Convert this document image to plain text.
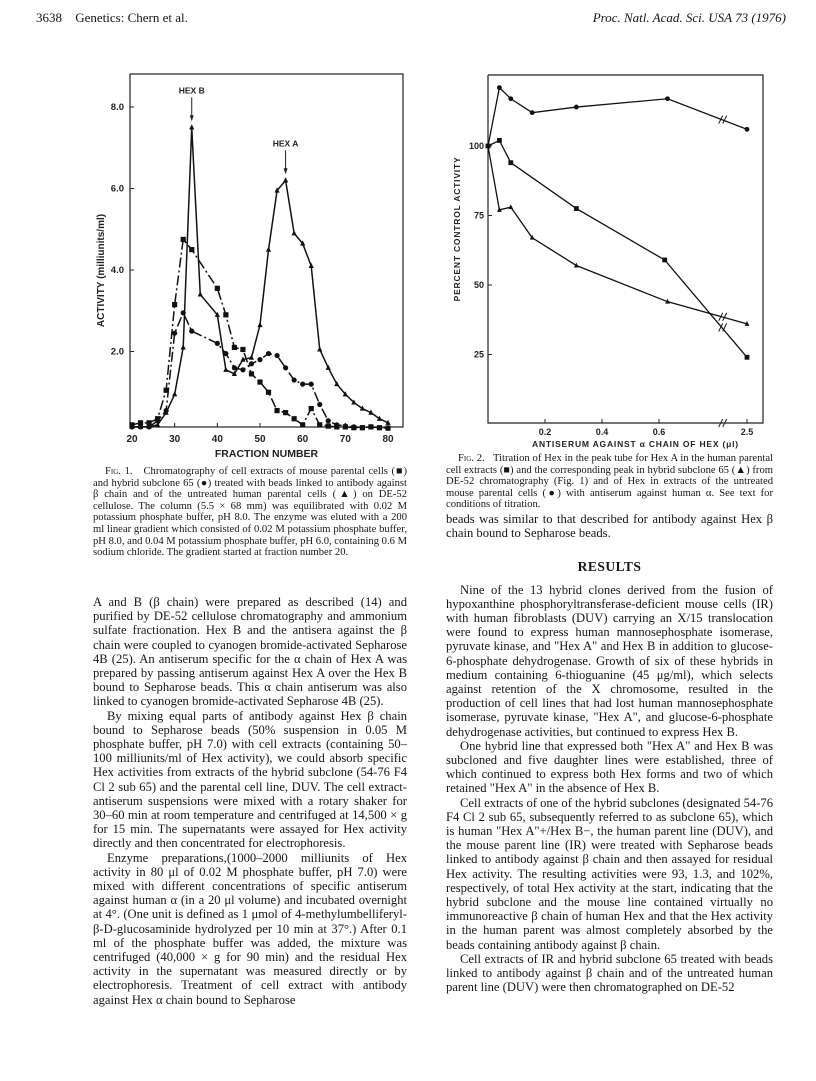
3638 Genetics: Chern et al.	Proc. Natl. Acad. Sci. USA 73 (1976)
20	30	40	50	60	70	80
2.0
4.0
6.0
8.0
FRACTION NUMBER
ACTIVITY (milliunits/ml)
HEX B
HEX A
0.2	0.4	0.6	2.5
25
50
75
100
ANTISERUM AGAINST α CHAIN OF HEX (μl)
PERCENT CONTROL ACTIVITY

Fig. 1. Chromatography of cell extracts of mouse parental cells (■) and hybrid subclone 65 (●) treated with beads linked to antibody against β chain and of the untreated human parental cells (▲) on DE-52 cellulose. The column (5.5 × 68 mm) was equilibrated with 0.02 M potassium phosphate buffer, pH 8.0. The enzyme was eluted with a 200 ml linear gradient which consisted of 0.02 M potassium phosphate buffer, pH 8.0, and 0.04 M potassium phosphate buffer, pH 6.0, containing 0.6 M sodium chloride. The gradient started at fraction number 20.

A and B (β chain) were prepared as described (14) and purified by DE-52 cellulose chromatography and ammonium sulfate fractionation. Hex B and the antisera against the β chain were coupled to cyanogen bromide-activated Sepharose 4B (25). An antiserum specific for the α chain of Hex A was prepared by passing antiserum against Hex A over the Hex B bound to Sepharose beads. This α chain antiserum was also linked to cyanogen bromide-activated Sepharose 4B (25).

By mixing equal parts of antibody against Hex β chain bound to Sepharose beads (50% suspension in 0.05 M phosphate buffer, pH 7.0) with cell extracts (containing 50–100 milliunits/ml of Hex activity), we could absorb specific Hex activities from extracts of the hybrid subclone (54-76 F4 Cl 2 sub 65) and the parental cell line, DUV. The cell extract-antiserum suspensions were mixed with a rotary shaker for 30–60 min at room temperature and centrifuged at 14,500 × g for 15 min. The supernatants were assayed for Hex activity directly and then concentrated for electrophoresis.

Enzyme preparations,(1000–2000 milliunits of Hex activity in 80 μl of 0.02 M phosphate buffer, pH 7.0) were mixed with different concentrations of specific antiserum against human α (in a 20 μl volume) and incubated overnight at 4°. (One unit is defined as 1 μmol of 4-methylumbelliferyl-β-D-glucosaminide hydrolyzed per 10 min at 37°.) After 0.1 ml of the phosphate buffer was added, the mixture was centrifuged (40,000 × g for 90 min) and the residual Hex activity in the supernatant was measured directly or by electrophoresis. Treatment of cell extract with antibody against Hex α chain bound to Sepharose

Fig. 2. Titration of Hex in the peak tube for Hex A in the human parental cell extracts (■) and the corresponding peak in hybrid subclone 65 (▲) from DE-52 chromatography (Fig. 1) and of Hex in extracts of the untreated mouse parental cells (●) with antiserum against human α. See text for conditions of titration.

beads was similar to that described for antibody against Hex β chain bound to Sepharose beads.

RESULTS

Nine of the 13 hybrid clones derived from the fusion of hypoxanthine phosphoryltransferase-deficient mouse cells (IR) with human fibroblasts (DUV) carrying an X/15 translocation were found to express human mannosephosphate isomerase, pyruvate kinase, and "Hex A" and Hex B in addition to glucose-6-phosphate dehydrogenase. Growth of six of these hybrids in medium containing 6-thioguanine (45 μg/ml), which selects against retention of the X chromosome, resulted in the production of cell lines that had lost human mannosephosphate isomerase, pyruvate kinase, "Hex A", and glucose-6-phosphate dehydrogenase activities, but continued to express Hex B.

One hybrid line that expressed both "Hex A" and Hex B was subcloned and five daughter lines were established, three of which continued to express both Hex forms and two of which retained "Hex A" in the absence of Hex B.

Cell extracts of one of the hybrid subclones (designated 54-76 F4 Cl 2 sub 65, subsequently referred to as subclone 65), which is human "Hex A"+/Hex B−, the human parent line (DUV), and the mouse parent line (IR) were treated with Sepharose beads linked to antibody against β chain and then assayed for residual Hex activity. The resulting activities were 93, 1.3, and 102%, respectively, of total Hex activity at the start, indicating that the hybrid subclone and the mouse line contained virtually no immunoreactive β chain of human Hex and that the Hex activity in the human parent was almost completely absorbed by the beads containing antibody against β chain.

Cell extracts of IR and hybrid subclone 65 treated with beads linked to antibody against β chain and of the untreated human parent line (DUV) were then chromatographed on DE-52
